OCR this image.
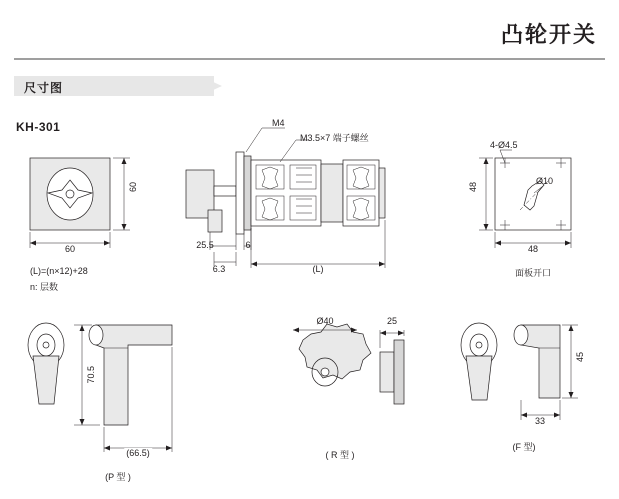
凸轮开关
尺寸图
KH-301
60
60
(L)=(n×12)+28
n: 层数
M4
M3.5×7 端子螺丝
25.5	6
6.3	(L)
4-Ø4.5
Ø10
48
48
面板开口
70.5
(66.5)
(P 型 )
Ø40	25
( R 型 )
45
33
(F 型)
